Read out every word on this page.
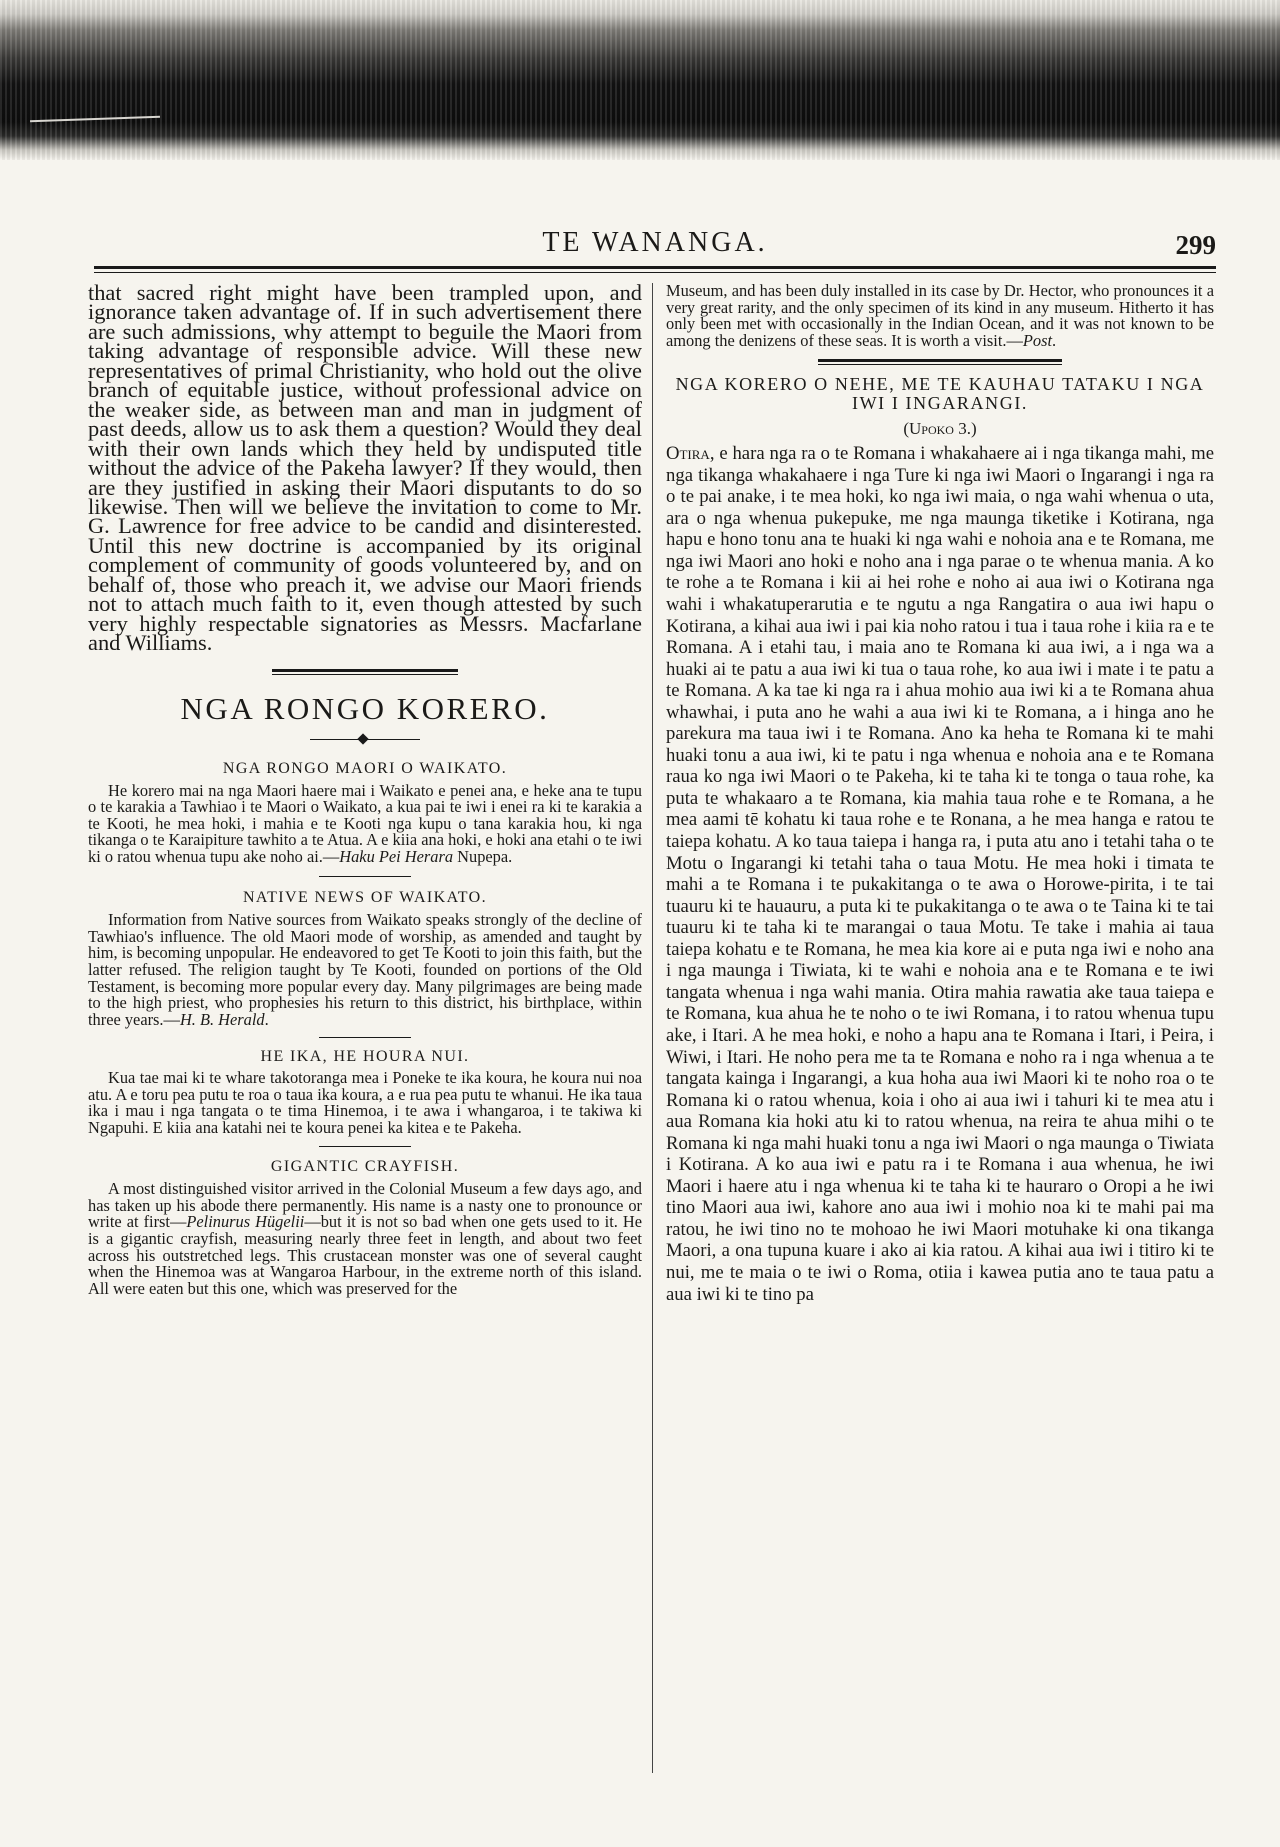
TE WANANGA.	299

that sacred right might have been trampled upon, and ignorance taken advantage of. If in such advertisement there are such admissions, why attempt to beguile the Maori from taking advantage of responsible advice. Will these new representatives of primal Christianity, who hold out the olive branch of equitable justice, without professional advice on the weaker side, as between man and man in judgment of past deeds, allow us to ask them a question? Would they deal with their own lands which they held by undisputed title without the advice of the Pakeha lawyer? If they would, then are they justified in asking their Maori disputants to do so likewise. Then will we believe the invitation to come to Mr. G. Lawrence for free advice to be candid and disinterested. Until this new doctrine is accompanied by its original complement of community of goods volunteered by, and on behalf of, those who preach it, we advise our Maori friends not to attach much faith to it, even though attested by such very highly respectable signatories as Messrs. Macfarlane and Williams.

NGA RONGO KORERO.
NGA RONGO MAORI O WAIKATO.

He korero mai na nga Maori haere mai i Waikato e penei ana, e heke ana te tupu o te karakia a Tawhiao i te Maori o Waikato, a kua pai te iwi i enei ra ki te karakia a te Kooti, he mea hoki, i mahia e te Kooti nga kupu o tana karakia hou, ki nga tikanga o te Karaipiture tawhito a te Atua. A e kiia ana hoki, e hoki ana etahi o te iwi ki o ratou whenua tupu ake noho ai.—Haku Pei Herara Nupepa.

NATIVE NEWS OF WAIKATO.

Information from Native sources from Waikato speaks strongly of the decline of Tawhiao's influence. The old Maori mode of worship, as amended and taught by him, is becoming unpopular. He endeavored to get Te Kooti to join this faith, but the latter refused. The religion taught by Te Kooti, founded on portions of the Old Testament, is becoming more popular every day. Many pilgrimages are being made to the high priest, who prophesies his return to this district, his birthplace, within three years.—H. B. Herald.

HE IKA, HE HOURA NUI.

Kua tae mai ki te whare takotoranga mea i Poneke te ika koura, he koura nui noa atu. A e toru pea putu te roa o taua ika koura, a e rua pea putu te whanui. He ika taua ika i mau i nga tangata o te tima Hinemoa, i te awa i whangaroa, i te takiwa ki Ngapuhi. E kiia ana katahi nei te koura penei ka kitea e te Pakeha.

GIGANTIC CRAYFISH.

A most distinguished visitor arrived in the Colonial Museum a few days ago, and has taken up his abode there permanently. His name is a nasty one to pronounce or write at first—Pelinurus Hügelii—but it is not so bad when one gets used to it. He is a gigantic crayfish, measuring nearly three feet in length, and about two feet across his outstretched legs. This crustacean monster was one of several caught when the Hinemoa was at Wangaroa Harbour, in the extreme north of this island. All were eaten but this one, which was preserved for the

Museum, and has been duly installed in its case by Dr. Hector, who pronounces it a very great rarity, and the only specimen of its kind in any museum. Hitherto it has only been met with occasionally in the Indian Ocean, and it was not known to be among the denizens of these seas. It is worth a visit.—Post.

NGA KORERO O NEHE, ME TE KAUHAU TATAKU I NGA IWI I INGARANGI.
(Upoko 3.)

Otira, e hara nga ra o te Romana i whakahaere ai i nga tikanga mahi, me nga tikanga whakahaere i nga Ture ki nga iwi Maori o Ingarangi i nga ra o te pai anake, i te mea hoki, ko nga iwi maia, o nga wahi whenua o uta, ara o nga whenua pukepuke, me nga maunga tiketike i Kotirana, nga hapu e hono tonu ana te huaki ki nga wahi e nohoia ana e te Romana, me nga iwi Maori ano hoki e noho ana i nga parae o te whenua mania. A ko te rohe a te Romana i kii ai hei rohe e noho ai aua iwi o Kotirana nga wahi i whakatuperarutia e te ngutu a nga Rangatira o aua iwi hapu o Kotirana, a kihai aua iwi i pai kia noho ratou i tua i taua rohe i kiia ra e te Romana. A i etahi tau, i maia ano te Romana ki aua iwi, a i nga wa a huaki ai te patu a aua iwi ki tua o taua rohe, ko aua iwi i mate i te patu a te Romana. A ka tae ki nga ra i ahua mohio aua iwi ki a te Romana ahua whawhai, i puta ano he wahi a aua iwi ki te Romana, a i hinga ano he parekura ma taua iwi i te Romana. Ano ka heha te Romana ki te mahi huaki tonu a aua iwi, ki te patu i nga whenua e nohoia ana e te Romana raua ko nga iwi Maori o te Pakeha, ki te taha ki te tonga o taua rohe, ka puta te whakaaro a te Romana, kia mahia taua rohe e te Romana, a he mea aami tē kohatu ki taua rohe e te Ronana, a he mea hanga e ratou te taiepa kohatu. A ko taua taiepa i hanga ra, i puta atu ano i tetahi taha o te Motu o Ingarangi ki tetahi taha o taua Motu. He mea hoki i timata te mahi a te Romana i te pukakitanga o te awa o Horowe-pirita, i te tai tuauru ki te hauauru, a puta ki te pukakitanga o te awa o te Taina ki te tai tuauru ki te taha ki te marangai o taua Motu. Te take i mahia ai taua taiepa kohatu e te Romana, he mea kia kore ai e puta nga iwi e noho ana i nga maunga i Tiwiata, ki te wahi e nohoia ana e te Romana e te iwi tangata whenua i nga wahi mania. Otira mahia rawatia ake taua taiepa e te Romana, kua ahua he te noho o te iwi Romana, i to ratou whenua tupu ake, i Itari. A he mea hoki, e noho a hapu ana te Romana i Itari, i Peira, i Wiwi, i Itari. He noho pera me ta te Romana e noho ra i nga whenua a te tangata kainga i Ingarangi, a kua hoha aua iwi Maori ki te noho roa o te Romana ki o ratou whenua, koia i oho ai aua iwi i tahuri ki te mea atu i aua Romana kia hoki atu ki to ratou whenua, na reira te ahua mihi o te Romana ki nga mahi huaki tonu a nga iwi Maori o nga maunga o Tiwiata i Kotirana. A ko aua iwi e patu ra i te Romana i aua whenua, he iwi Maori i haere atu i nga whenua ki te taha ki te hauraro o Oropi a he iwi tino Maori aua iwi, kahore ano aua iwi i mohio noa ki te mahi pai ma ratou, he iwi tino no te mohoao he iwi Maori motuhake ki ona tikanga Maori, a ona tupuna kuare i ako ai kia ratou. A kihai aua iwi i titiro ki te nui, me te maia o te iwi o Roma, otiia i kawea putia ano te taua patu a aua iwi ki te tino pa
